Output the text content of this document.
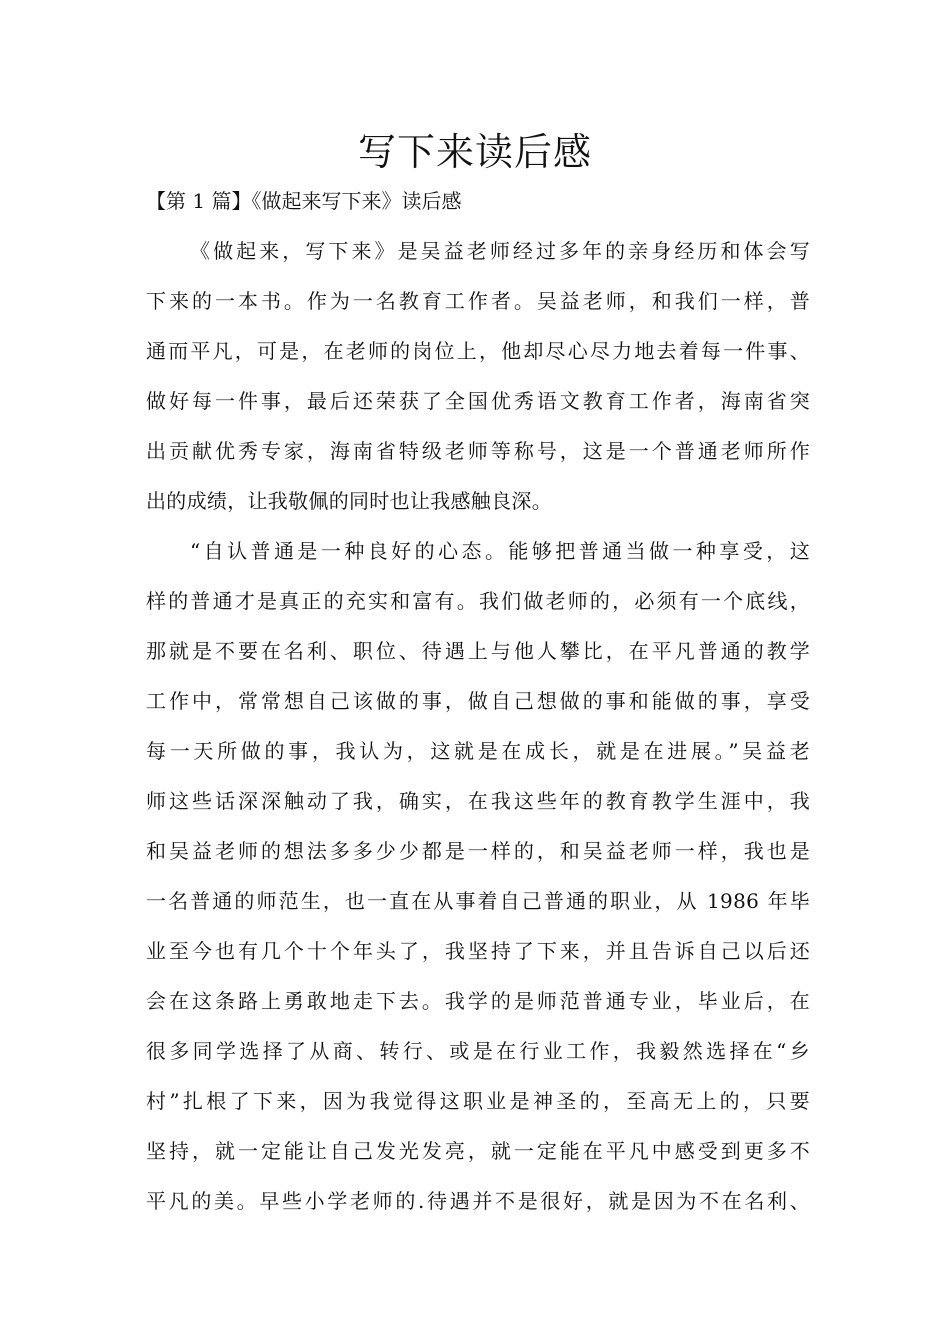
写下来读后感

【第 1 篇】《做起来写下来》读后感

《做起来，写下来》是吴益老师经过多年的亲身经历和体会写

下来的一本书。作为一名教育工作者。吴益老师，和我们一样，普

通而平凡，可是，在老师的岗位上，他却尽心尽力地去着每一件事、

做好每一件事，最后还荣获了全国优秀语文教育工作者，海南省突

出贡献优秀专家，海南省特级老师等称号，这是一个普通老师所作

出的成绩，让我敬佩的同时也让我感触良深。

“自认普通是一种良好的心态。能够把普通当做一种享受，这

样的普通才是真正的充实和富有。我们做老师的，必须有一个底线，

那就是不要在名利、职位、待遇上与他人攀比，在平凡普通的教学

工作中，常常想自己该做的事，做自己想做的事和能做的事，享受

每一天所做的事，我认为，这就是在成长，就是在进展。”吴益老

师这些话深深触动了我，确实，在我这些年的教育教学生涯中，我

和吴益老师的想法多多少少都是一样的，和吴益老师一样，我也是

一名普通的师范生，也一直在从事着自己普通的职业，从 1986 年毕

业至今也有几个十个年头了，我坚持了下来，并且告诉自己以后还

会在这条路上勇敢地走下去。我学的是师范普通专业，毕业后，在

很多同学选择了从商、转行、或是在行业工作，我毅然选择在“乡

村”扎根了下来，因为我觉得这职业是神圣的，至高无上的，只要

坚持，就一定能让自己发光发亮，就一定能在平凡中感受到更多不

平凡的美。早些小学老师的.待遇并不是很好，就是因为不在名利、
